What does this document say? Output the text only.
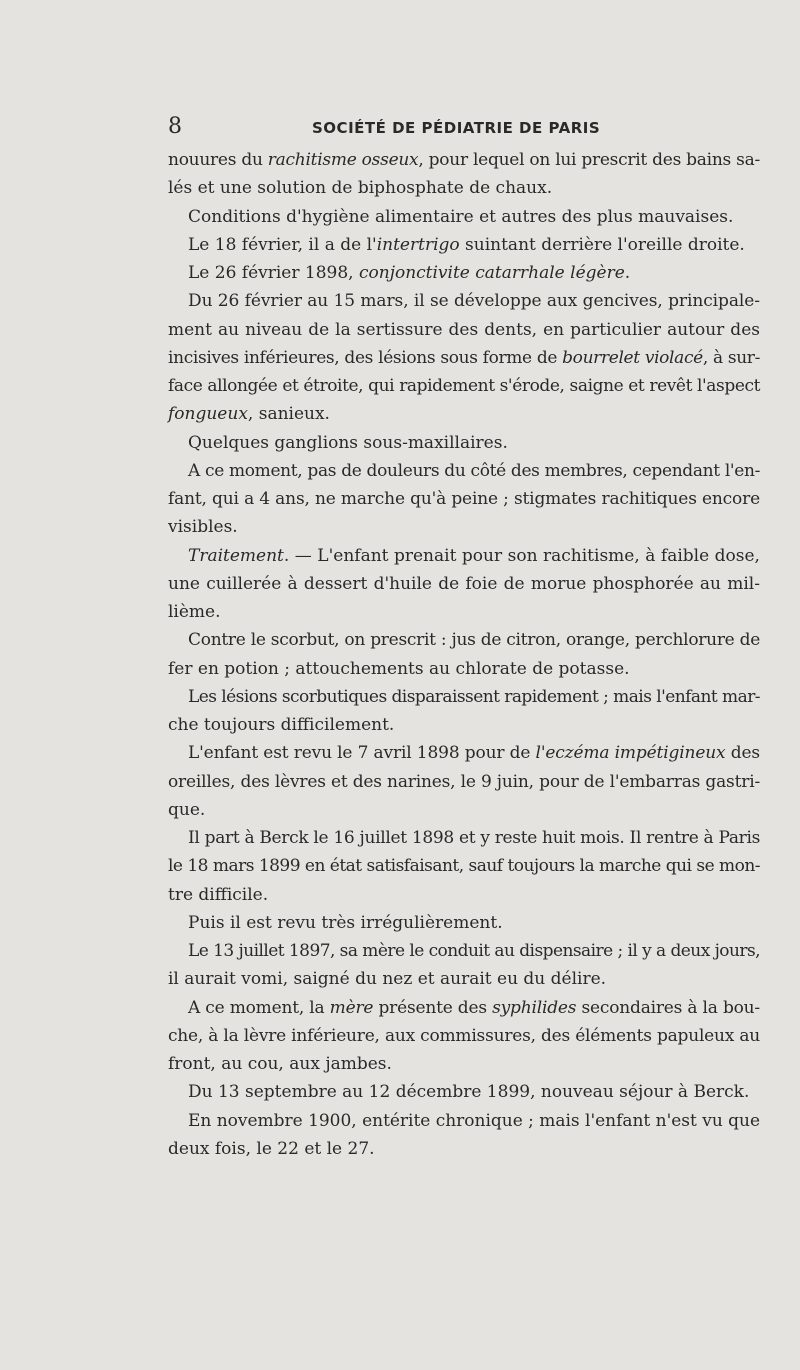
8	SOCIÉTÉ DE PÉDIATRIE DE PARIS
nouures du rachitisme osseux, pour lequel on lui prescrit des bains sa-
lés et une solution de biphosphate de chaux.
Conditions d'hygiène alimentaire et autres des plus mauvaises.
Le 18 février, il a de l'intertrigo suintant derrière l'oreille droite.
Le 26 février 1898, conjonctivite catarrhale légère.
Du 26 février au 15 mars, il se développe aux gencives, principale-
ment au niveau de la sertissure des dents, en particulier autour des
incisives inférieures, des lésions sous forme de bourrelet violacé, à sur-
face allongée et étroite, qui rapidement s'érode, saigne et revêt l'aspect
fongueux, sanieux.
Quelques ganglions sous-maxillaires.
A ce moment, pas de douleurs du côté des membres, cependant l'en-
fant, qui a 4 ans, ne marche qu'à peine ; stigmates rachitiques encore
visibles.
Traitement. — L'enfant prenait pour son rachitisme, à faible dose,
une cuillerée à dessert d'huile de foie de morue phosphorée au mil-
lième.
Contre le scorbut, on prescrit : jus de citron, orange, perchlorure de
fer en potion ; attouchements au chlorate de potasse.
Les lésions scorbutiques disparaissent rapidement ; mais l'enfant mar-
che toujours difficilement.
L'enfant est revu le 7 avril 1898 pour de l'eczéma impétigineux des
oreilles, des lèvres et des narines, le 9 juin, pour de l'embarras gastri-
que.
Il part à Berck le 16 juillet 1898 et y reste huit mois. Il rentre à Paris
le 18 mars 1899 en état satisfaisant, sauf toujours la marche qui se mon-
tre difficile.
Puis il est revu très irrégulièrement.
Le 13 juillet 1897, sa mère le conduit au dispensaire ; il y a deux jours,
il aurait vomi, saigné du nez et aurait eu du délire.
A ce moment, la mère présente des syphilides secondaires à la bou-
che, à la lèvre inférieure, aux commissures, des éléments papuleux au
front, au cou, aux jambes.
Du 13 septembre au 12 décembre 1899, nouveau séjour à Berck.
En novembre 1900, entérite chronique ; mais l'enfant n'est vu que
deux fois, le 22 et le 27.
